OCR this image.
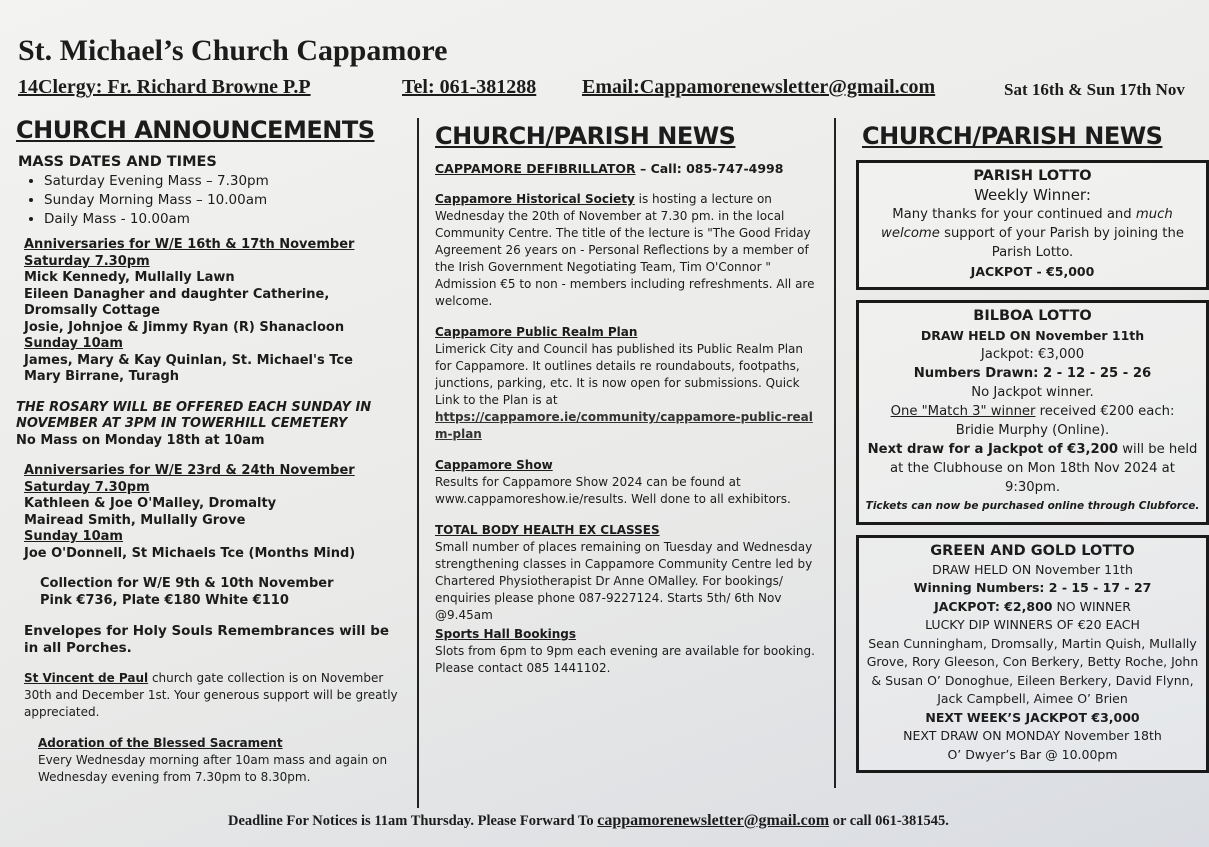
St. Michael’s Church Cappamore
14Clergy: Fr. Richard Browne P.P	Tel: 061-381288 Email:Cappamorenewsletter@gmail.com	Sat 16th & Sun 17th Nov
CHURCH ANNOUNCEMENTS
MASS DATES AND TIMES
• Saturday Evening Mass – 7.30pm
• Sunday Morning Mass – 10.00am
• Daily Mass - 10.00am
Anniversaries for W/E 16th & 17th November
Saturday 7.30pm
Mick Kennedy, Mullally Lawn
Eileen Danagher and daughter Catherine, Dromsally Cottage
Josie, Johnjoe & Jimmy Ryan (R) Shanacloon
Sunday 10am
James, Mary & Kay Quinlan, St. Michael's Tce
Mary Birrane, Turagh
THE ROSARY WILL BE OFFERED EACH SUNDAY IN NOVEMBER AT 3PM IN TOWERHILL CEMETERY
No Mass on Monday 18th at 10am
Anniversaries for W/E 23rd & 24th November
Saturday 7.30pm
Kathleen & Joe O'Malley, Dromalty
Mairead Smith, Mullally Grove
Sunday 10am
Joe O'Donnell, St Michaels Tce (Months Mind)
Collection for W/E 9th & 10th November
Pink €736, Plate €180 White €110
Envelopes for Holy Souls Remembrances will be in all Porches.
St Vincent de Paul church gate collection is on November 30th and December 1st. Your generous support will be greatly appreciated.
Adoration of the Blessed Sacrament
Every Wednesday morning after 10am mass and again on Wednesday evening from 7.30pm to 8.30pm.
CHURCH/PARISH NEWS
CAPPAMORE DEFIBRILLATOR – Call: 085-747-4998
Cappamore Historical Society is hosting a lecture on Wednesday the 20th of November at 7.30 pm. in the local Community Centre. The title of the lecture is "The Good Friday Agreement 26 years on - Personal Reflections by a member of the Irish Government Negotiating Team, Tim O'Connor " Admission €5 to non - members including refreshments. All are welcome.
Cappamore Public Realm Plan
Limerick City and Council has published its Public Realm Plan for Cappamore. It outlines details re roundabouts, footpaths, junctions, parking, etc. It is now open for submissions. Quick Link to the Plan is at
https://cappamore.ie/community/cappamore-public-realm-plan
Cappamore Show
Results for Cappamore Show 2024 can be found at www.cappamoreshow.ie/results. Well done to all exhibitors.
TOTAL BODY HEALTH EX CLASSES
Small number of places remaining on Tuesday and Wednesday strengthening classes in Cappamore Community Centre led by Chartered Physiotherapist Dr Anne OMalley. For bookings/ enquiries please phone 087-9227124. Starts 5th/ 6th Nov @9.45am
Sports Hall Bookings
Slots from 6pm to 9pm each evening are available for booking. Please contact 085 1441102.
CHURCH/PARISH NEWS
PARISH LOTTO
Weekly Winner:
Many thanks for your continued and much welcome support of your Parish by joining the Parish Lotto.
JACKPOT - €5,000
BILBOA LOTTO
DRAW HELD ON November 11th
Jackpot: €3,000
Numbers Drawn: 2 - 12 - 25 - 26
No Jackpot winner.
One "Match 3" winner received €200 each:
Bridie Murphy (Online).
Next draw for a Jackpot of €3,200 will be held at the Clubhouse on Mon 18th Nov 2024 at 9:30pm.
Tickets can now be purchased online through Clubforce.
GREEN AND GOLD LOTTO
DRAW HELD ON November 11th
Winning Numbers: 2 - 15 - 17 - 27
JACKPOT: €2,800 NO WINNER
LUCKY DIP WINNERS OF €20 EACH
Sean Cunningham, Dromsally, Martin Quish, Mullally Grove, Rory Gleeson, Con Berkery, Betty Roche, John & Susan O’ Donoghue, Eileen Berkery, David Flynn, Jack Campbell, Aimee O’ Brien
NEXT WEEK’S JACKPOT €3,000
NEXT DRAW ON MONDAY November 18th
O’ Dwyer’s Bar @ 10.00pm
Deadline For Notices is 11am Thursday. Please Forward To cappamorenewsletter@gmail.com or call 061-381545.
